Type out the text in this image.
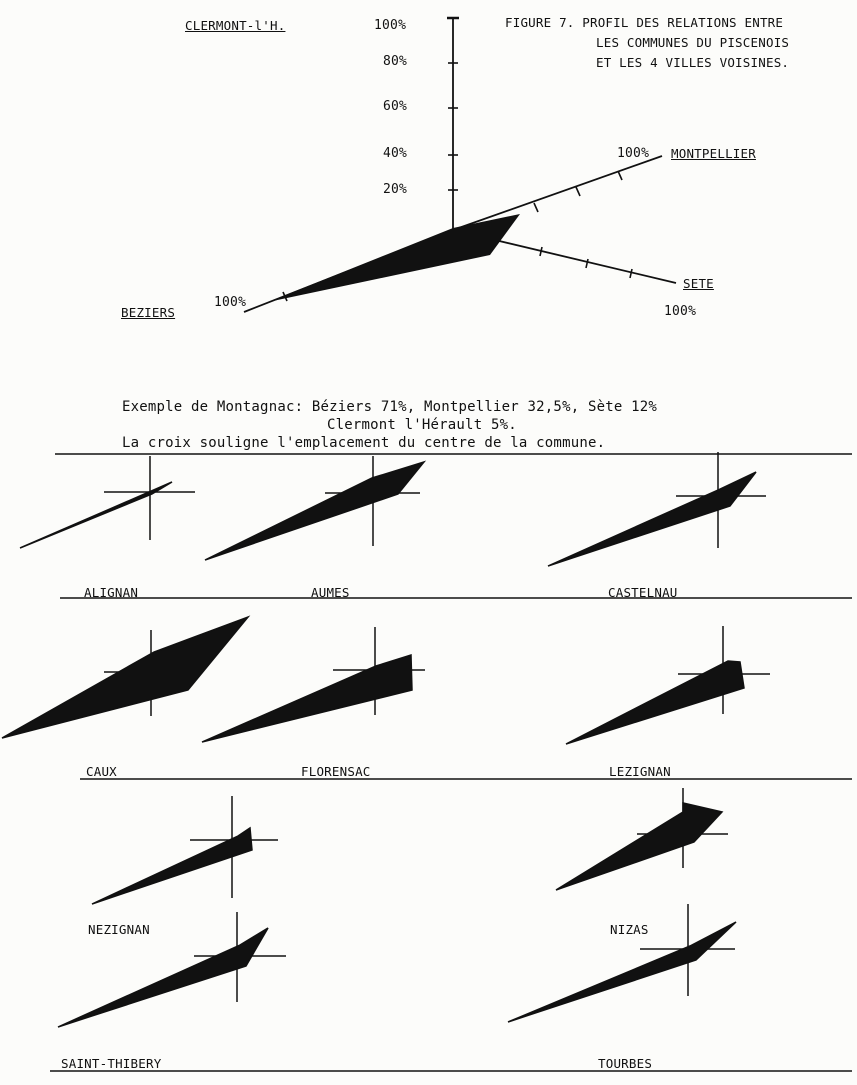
CLERMONT-l'H.	100%
80%
60%
40%
20%
FIGURE 7. PROFIL DES RELATIONS ENTRE
LES COMMUNES DU PISCENOIS
ET LES 4 VILLES VOISINES.
100% MONTPELLIER
SETE
100%
100%
BEZIERS
Exemple de Montagnac: Béziers 71%, Montpellier 32,5%, Sète 12%
Clermont l'Hérault 5%.
La croix souligne l'emplacement du centre de la commune.
ALIGNAN	AUMES	CASTELNAU
CAUX	FLORENSAC	LEZIGNAN
NEZIGNAN	NIZAS
SAINT-THIBERY	TOURBES
